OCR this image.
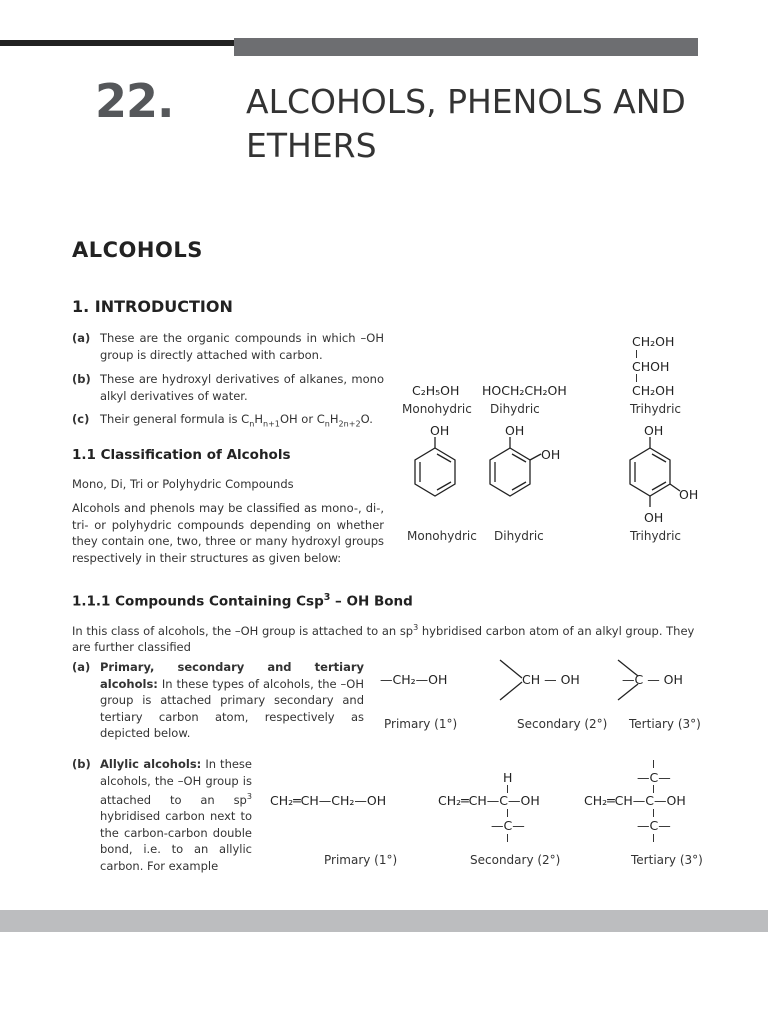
22. ALCOHOLS, PHENOLS AND ETHERS
ALCOHOLS
1. INTRODUCTION
(a) These are the organic compounds in which –OH group is directly attached with carbon.
(b) These are hydroxyl derivatives of alkanes, mono alkyl derivatives of water.
(c) Their general formula is $C_nH_{n+1}OH$ or $C_nH_{2n+2}O$.
1.1 Classification of Alcohols
Mono, Di, Tri or Polyhydric Compounds
Alcohols and phenols may be classified as mono-, di-, tri- or polyhydric compounds depending on whether they contain one, two, three or many hydroxyl groups respectively in their structures as given below:
CH₂OH
CHOH
CH₂OH
C₂H₅OH HOCH₂CH₂OH
Monohydric Dihydric	Trihydric
OH	OH
OH
OH
OH
OH
Monohydric Dihydric	Trihydric
1.1.1 Compounds Containing Csp$^3$ – OH Bond
In this class of alcohols, the –OH group is attached to an $sp^3$ hybridised carbon atom of an alkyl group. They are further classified
(a) Primary, secondary and tertiary alcohols: In these types of alcohols, the –OH group is attached primary secondary and tertiary carbon atom, respectively as depicted below.
—CH₂—OH	CH — OH	—C — OH
Primary (1°)	Secondary (2°) Tertiary (3°)
(b) Allylic alcohols: In these alcohols, the –OH group is attached to an $sp^3$ hybridised carbon next to the carbon-carbon double bond, i.e. to an allylic carbon. For example
CH₂═CH—CH₂—OH
H
CH₂═CH—C—OH
—C—
—C—
CH₂═CH—C—OH
—C—
Primary (1°)	Secondary (2°)	Tertiary (3°)
